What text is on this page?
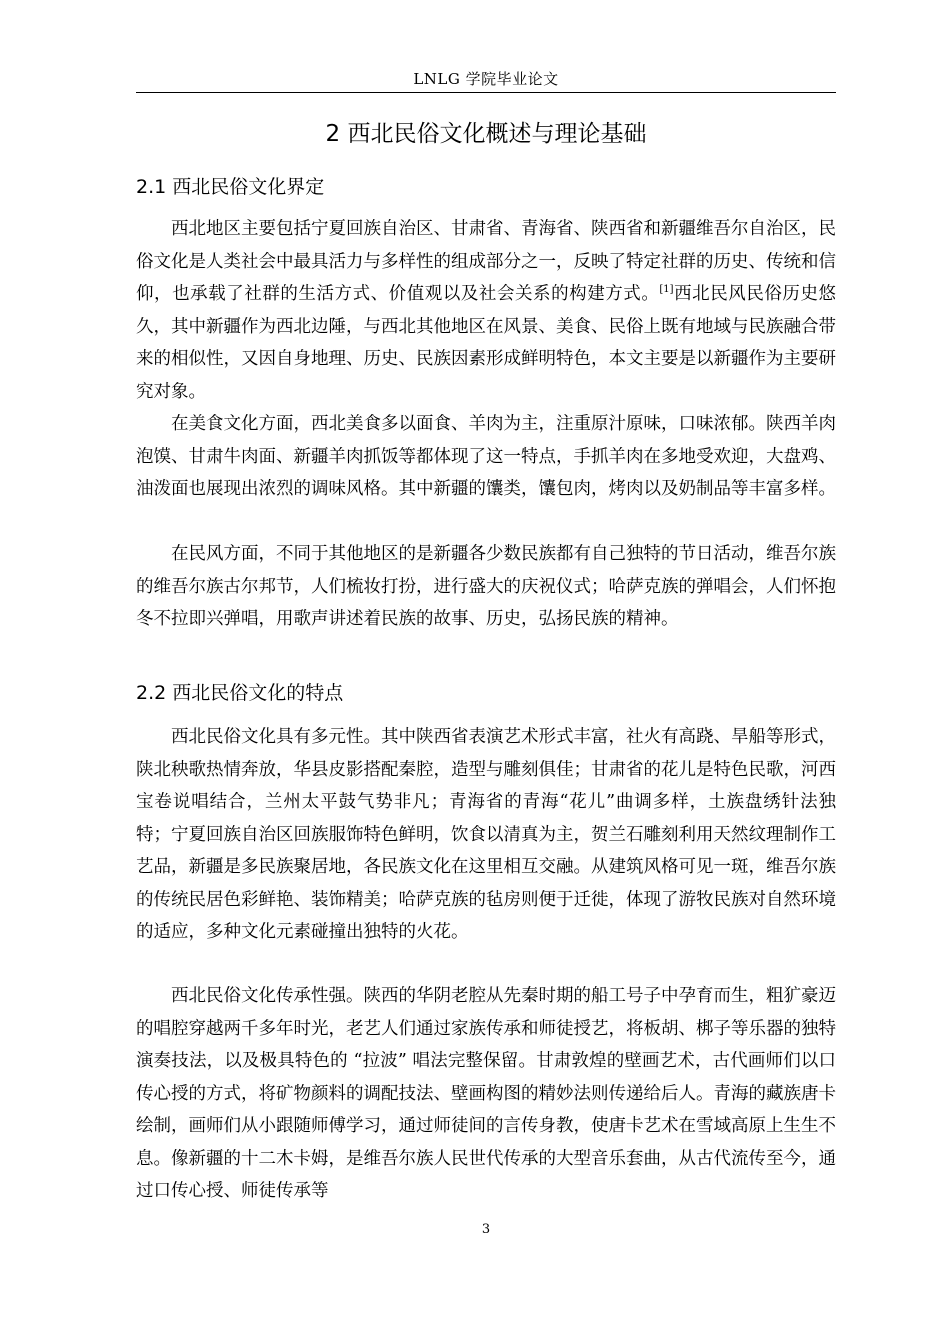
LNLG 学院毕业论文
2 西北民俗文化概述与理论基础
2.1 西北民俗文化界定

西北地区主要包括宁夏回族自治区、甘肃省、青海省、陕西省和新疆维吾尔自治区，民俗文化是人类社会中最具活力与多样性的组成部分之一，反映了特定社群的历史、传统和信仰，也承载了社群的生活方式、价值观以及社会关系的构建方式。[1]西北民风民俗历史悠久，其中新疆作为西北边陲，与西北其他地区在风景、美食、民俗上既有地域与民族融合带来的相似性，又因自身地理、历史、民族因素形成鲜明特色，本文主要是以新疆作为主要研究对象。

在美食文化方面，西北美食多以面食、羊肉为主，注重原汁原味，口味浓郁。陕西羊肉泡馍、甘肃牛肉面、新疆羊肉抓饭等都体现了这一特点，手抓羊肉在多地受欢迎，大盘鸡、油泼面也展现出浓烈的调味风格。其中新疆的馕类，馕包肉，烤肉以及奶制品等丰富多样。

在民风方面，不同于其他地区的是新疆各少数民族都有自己独特的节日活动，维吾尔族的维吾尔族古尔邦节，人们梳妆打扮，进行盛大的庆祝仪式；哈萨克族的弹唱会，人们怀抱冬不拉即兴弹唱，用歌声讲述着民族的故事、历史，弘扬民族的精神。

2.2 西北民俗文化的特点

西北民俗文化具有多元性。其中陕西省表演艺术形式丰富，社火有高跷、旱船等形式，陕北秧歌热情奔放，华县皮影搭配秦腔，造型与雕刻俱佳；甘肃省的花儿是特色民歌，河西宝卷说唱结合，兰州太平鼓气势非凡；青海省的青海“花儿”曲调多样，土族盘绣针法独特；宁夏回族自治区回族服饰特色鲜明，饮食以清真为主，贺兰石雕刻利用天然纹理制作工艺品，新疆是多民族聚居地，各民族文化在这里相互交融。从建筑风格可见一斑，维吾尔族的传统民居色彩鲜艳、装饰精美；哈萨克族的毡房则便于迁徙，体现了游牧民族对自然环境的适应，多种文化元素碰撞出独特的火花。

西北民俗文化传承性强。陕西的华阴老腔从先秦时期的船工号子中孕育而生，粗犷豪迈的唱腔穿越两千多年时光，老艺人们通过家族传承和师徒授艺，将板胡、梆子等乐器的独特演奏技法，以及极具特色的 “拉波” 唱法完整保留。甘肃敦煌的壁画艺术，古代画师们以口传心授的方式，将矿物颜料的调配技法、壁画构图的精妙法则传递给后人。青海的藏族唐卡绘制，画师们从小跟随师傅学习，通过师徒间的言传身教，使唐卡艺术在雪域高原上生生不息。像新疆的十二木卡姆，是维吾尔族人民世代传承的大型音乐套曲，从古代流传至今，通过口传心授、师徒传承等

3
